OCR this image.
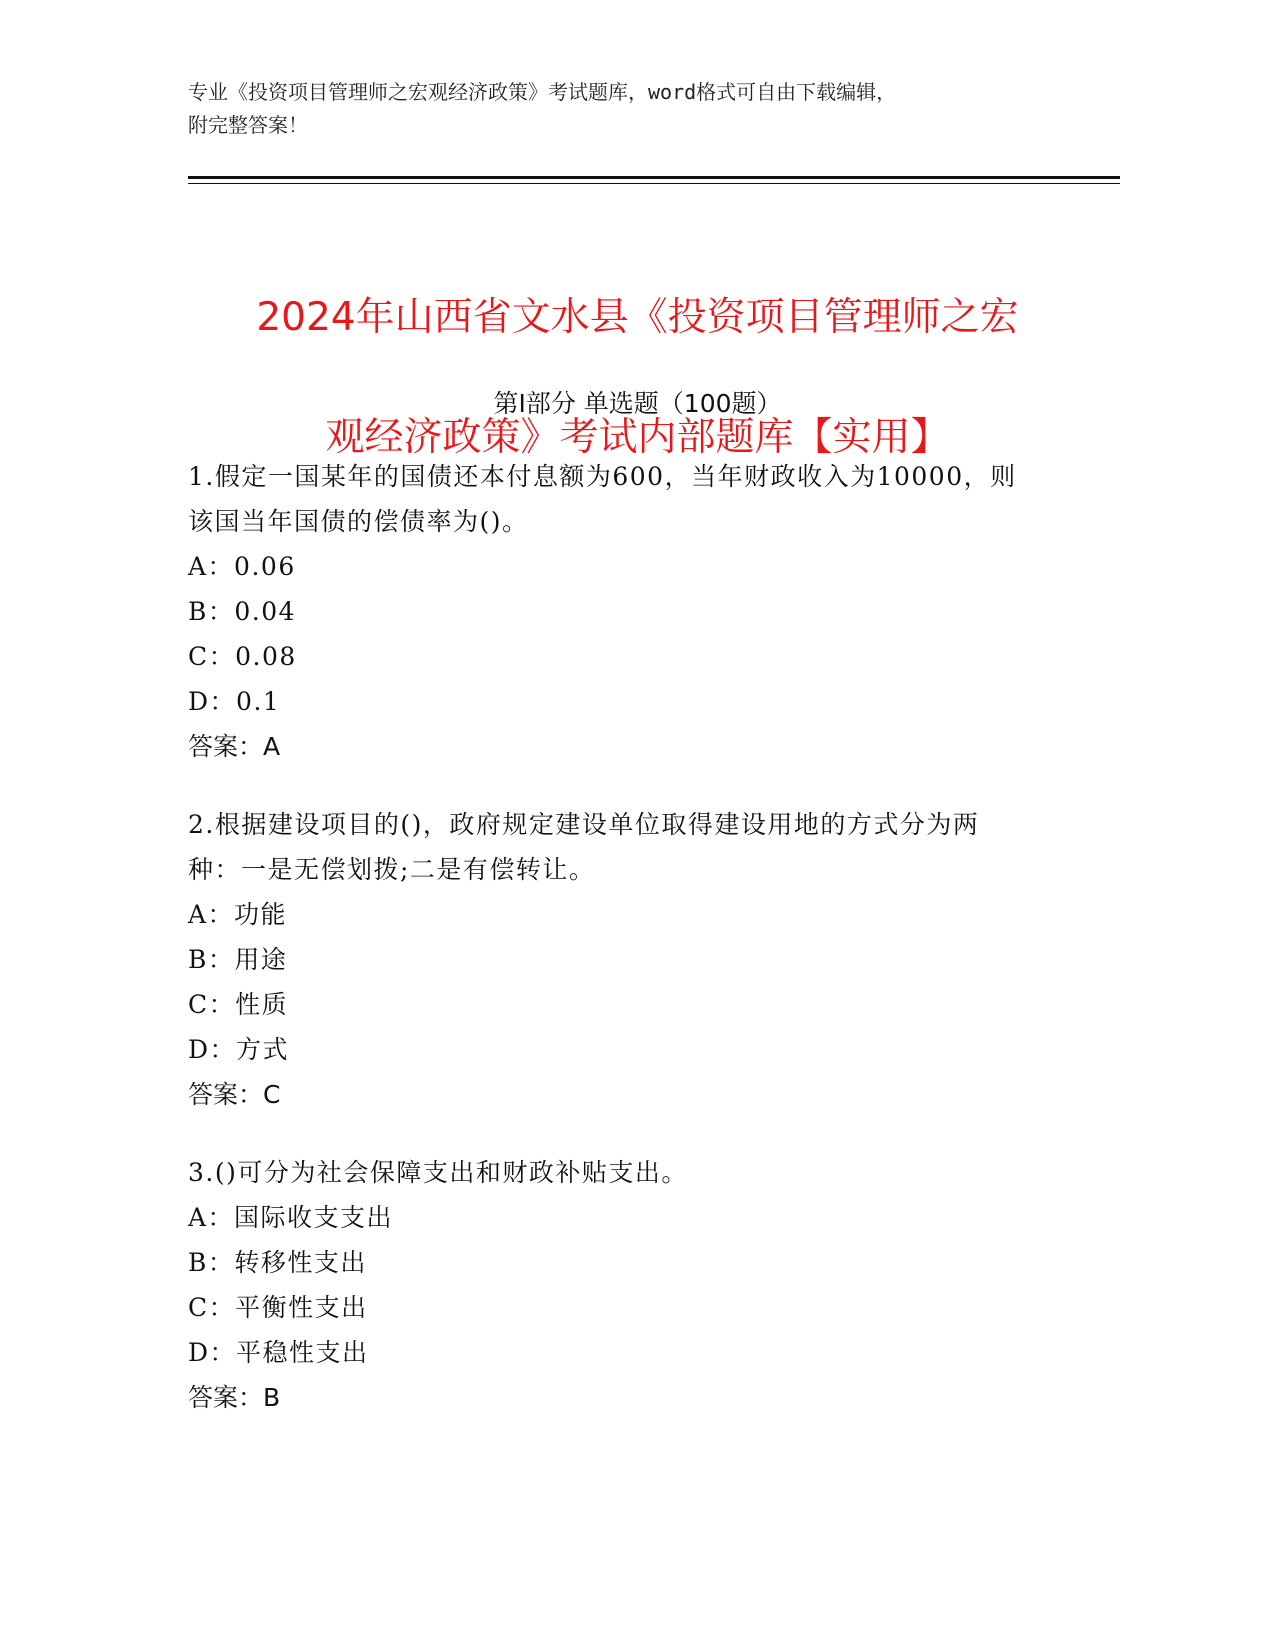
专业《投资项目管理师之宏观经济政策》考试题库，word格式可自由下载编辑，
附完整答案！

2024年山西省文水县《投资项目管理师之宏

观经济政策》考试内部题库【实用】

第Ⅰ部分 单选题（100题）
1.假定一国某年的国债还本付息额为600，当年财政收入为10000，则
该国当年国债的偿债率为()。
A：0.06
B：0.04
C：0.08
D：0.1
答案：A
2.根据建设项目的()，政府规定建设单位取得建设用地的方式分为两
种：一是无偿划拨;二是有偿转让。
A：功能
B：用途
C：性质
D：方式
答案：C
3.()可分为社会保障支出和财政补贴支出。
A：国际收支支出
B：转移性支出
C：平衡性支出
D：平稳性支出
答案：B
